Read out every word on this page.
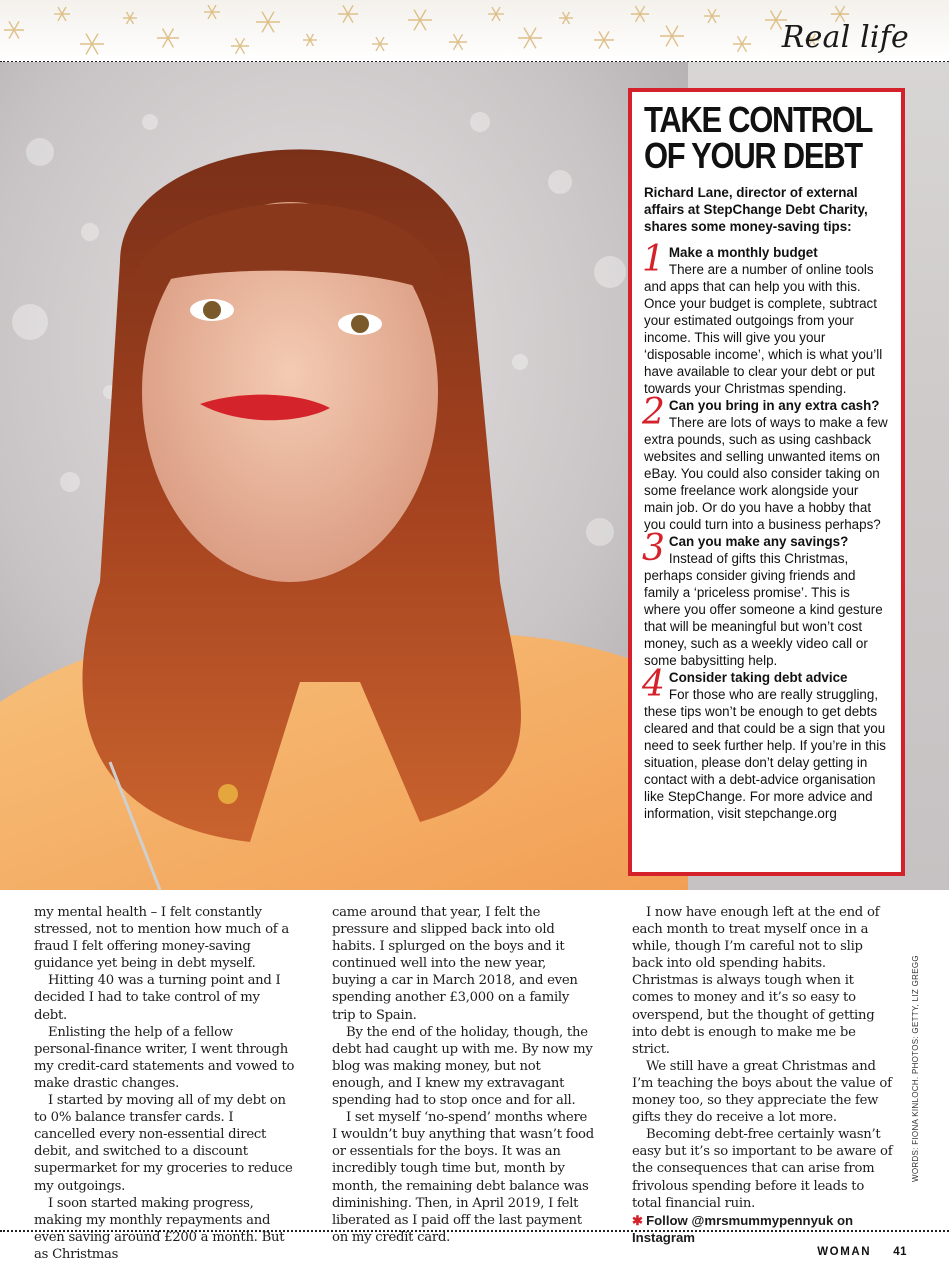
Real life
TAKE CONTROL OF YOUR DEBT
Richard Lane, director of external affairs at StepChange Debt Charity, shares some money-saving tips:
1 Make a monthly budget
There are a number of online tools and apps that can help you with this. Once your budget is complete, subtract your estimated outgoings from your income. This will give you your ‘disposable income’, which is what you’ll have available to clear your debt or put towards your Christmas spending.
2 Can you bring in any extra cash?
There are lots of ways to make a few extra pounds, such as using cashback websites and selling unwanted items on eBay. You could also consider taking on some freelance work alongside your main job. Or do you have a hobby that you could turn into a business perhaps?
3 Can you make any savings?
Instead of gifts this Christmas, perhaps consider giving friends and family a ‘priceless promise’. This is where you offer someone a kind gesture that will be meaningful but won’t cost money, such as a weekly video call or some babysitting help.
4 Consider taking debt advice
For those who are really struggling, these tips won’t be enough to get debts cleared and that could be a sign that you need to seek further help. If you’re in this situation, please don’t delay getting in contact with a debt-advice organisation like StepChange. For more advice and information, visit stepchange.org

my mental health – I felt constantly stressed, not to mention how much of a fraud I felt offering money-saving guidance yet being in debt myself.

Hitting 40 was a turning point and I decided I had to take control of my debt.

Enlisting the help of a fellow personal-finance writer, I went through my credit-card statements and vowed to make drastic changes.

I started by moving all of my debt on to 0% balance transfer cards. I cancelled every non-essential direct debit, and switched to a discount supermarket for my groceries to reduce my outgoings.

I soon started making progress, making my monthly repayments and even saving around £200 a month. But as Christmas

came around that year, I felt the pressure and slipped back into old habits. I splurged on the boys and it continued well into the new year, buying a car in March 2018, and even spending another £3,000 on a family trip to Spain.

By the end of the holiday, though, the debt had caught up with me. By now my blog was making money, but not enough, and I knew my extravagant spending had to stop once and for all.

I set myself ‘no-spend’ months where I wouldn’t buy anything that wasn’t food or essentials for the boys. It was an incredibly tough time but, month by month, the remaining debt balance was diminishing. Then, in April 2019, I felt liberated as I paid off the last payment on my credit card.

I now have enough left at the end of each month to treat myself once in a while, though I’m careful not to slip back into old spending habits. Christmas is always tough when it comes to money and it’s so easy to overspend, but the thought of getting into debt is enough to make me be strict.

We still have a great Christmas and I’m teaching the boys about the value of money too, so they appreciate the few gifts they do receive a lot more.

Becoming debt-free certainly wasn’t easy but it’s so important to be aware of the consequences that can arise from frivolous spending before it leads to total financial ruin.

✱ Follow @mrsmummypennyuk on Instagram

WORDS: FIONA KINLOCH. PHOTOS: GETTY, LIZ GREGG
WOMAN 41
